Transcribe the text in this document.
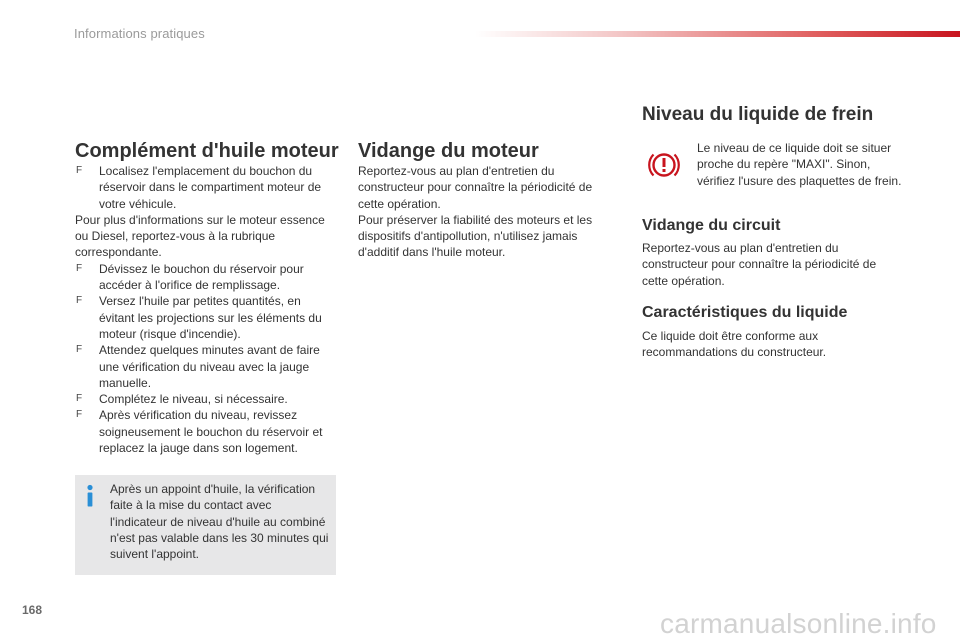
Informations pratiques
Complément d'huile moteur
F Localisez l'emplacement du bouchon du réservoir dans le compartiment moteur de votre véhicule.
Pour plus d'informations sur le moteur essence ou Diesel, reportez-vous à la rubrique correspondante.
F Dévissez le bouchon du réservoir pour accéder à l'orifice de remplissage.
F Versez l'huile par petites quantités, en évitant les projections sur les éléments du moteur (risque d'incendie).
F Attendez quelques minutes avant de faire une vérification du niveau avec la jauge manuelle.
F Complétez le niveau, si nécessaire.
F Après vérification du niveau, revissez soigneusement le bouchon du réservoir et replacez la jauge dans son logement.
Après un appoint d'huile, la vérification faite à la mise du contact avec l'indicateur de niveau d'huile au combiné n'est pas valable dans les 30 minutes qui suivent l'appoint.
Vidange du moteur
Reportez-vous au plan d'entretien du constructeur pour connaître la périodicité de cette opération.
Pour préserver la fiabilité des moteurs et les dispositifs d'antipollution, n'utilisez jamais d'additif dans l'huile moteur.
Niveau du liquide de frein
Le niveau de ce liquide doit se situer proche du repère "MAXI". Sinon, vérifiez l'usure des plaquettes de frein.
Vidange du circuit
Reportez-vous au plan d'entretien du constructeur pour connaître la périodicité de cette opération.
Caractéristiques du liquide
Ce liquide doit être conforme aux recommandations du constructeur.
168	carmanualsonline.info
